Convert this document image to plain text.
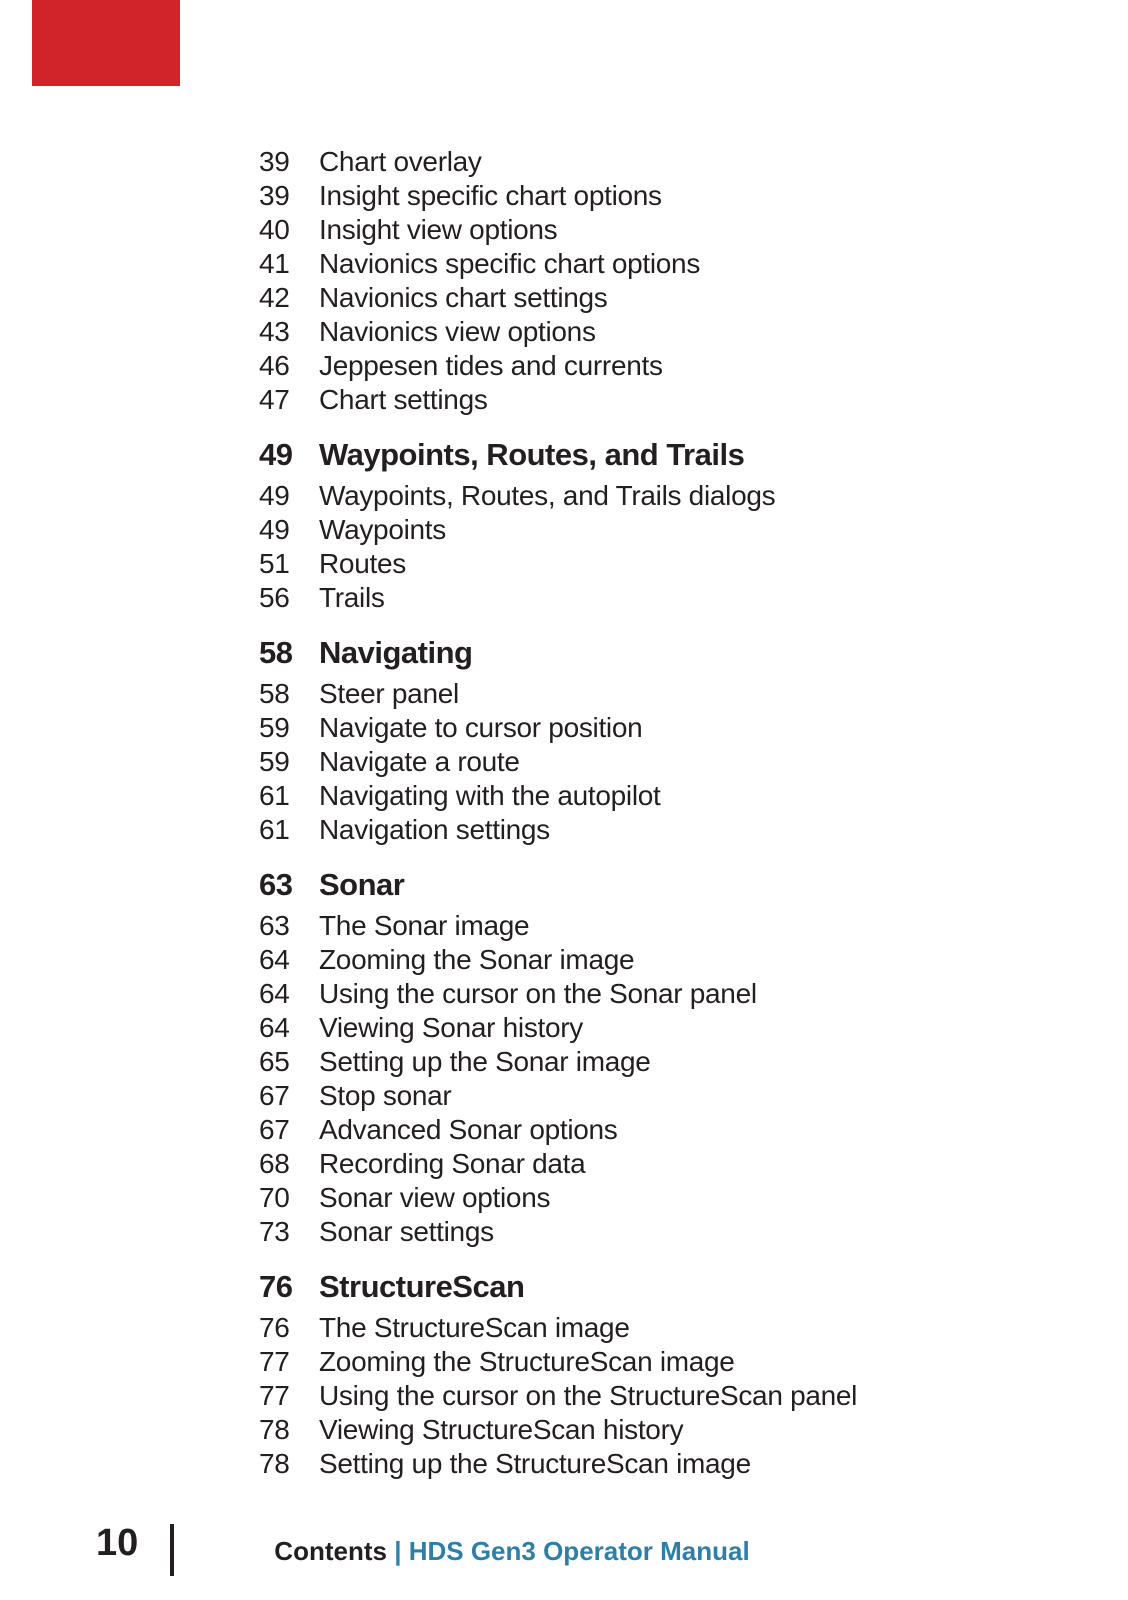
39	Chart overlay
39	Insight specific chart options
40	Insight view options
41	Navionics specific chart options
42	Navionics chart settings
43	Navionics view options
46	Jeppesen tides and currents
47	Chart settings
49 Waypoints, Routes, and Trails
49	Waypoints, Routes, and Trails dialogs
49	Waypoints
51	Routes
56	Trails
58 Navigating
58	Steer panel
59	Navigate to cursor position
59	Navigate a route
61	Navigating with the autopilot
61	Navigation settings
63 Sonar
63	The Sonar image
64	Zooming the Sonar image
64	Using the cursor on the Sonar panel
64	Viewing Sonar history
65	Setting up the Sonar image
67	Stop sonar
67	Advanced Sonar options
68	Recording Sonar data
70	Sonar view options
73	Sonar settings
76 StructureScan
76	The StructureScan image
77	Zooming the StructureScan image
77	Using the cursor on the StructureScan panel
78	Viewing StructureScan history
78	Setting up the StructureScan image
10	Contents | HDS Gen3 Operator Manual
